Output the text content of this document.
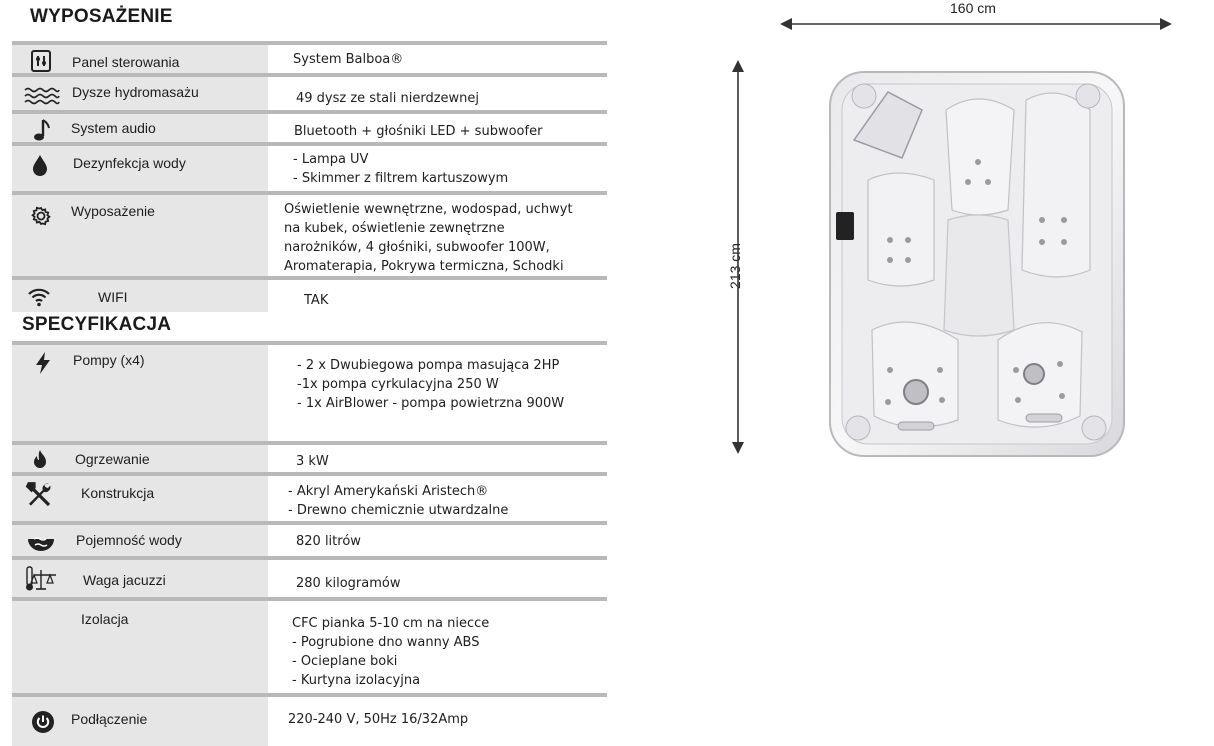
WYPOSAŻENIE
Panel sterowania	System Balboa®
Dysze hydromasażu	49 dysz ze stali nierdzewnej
System audio	Bluetooth + głośniki LED + subwoofer
Dezynfekcja wody	- Lampa UV
- Skimmer z filtrem kartuszowym
Wyposażenie	Oświetlenie wewnętrzne, wodospad, uchwyt
na kubek, oświetlenie zewnętrzne
narożników, 4 głośniki, subwoofer 100W,
Aromaterapia, Pokrywa termiczna, Schodki
WIFI	TAK
SPECYFIKACJA
Pompy (x4)	- 2 x Dwubiegowa pompa masująca 2HP
-1x pompa cyrkulacyjna 250 W
- 1x AirBlower - pompa powietrzna 900W
Ogrzewanie	3 kW
Konstrukcja	- Akryl Amerykański Aristech®
- Drewno chemicznie utwardzalne
Pojemność wody	820 litrów
Waga jacuzzi	280 kilogramów
Izolacja	CFC pianka 5-10 cm na niecce
- Pogrubione dno wanny ABS
- Ocieplane boki
- Kurtyna izolacyjna
Podłączenie	220-240 V, 50Hz 16/32Amp
160 cm
213 cm
